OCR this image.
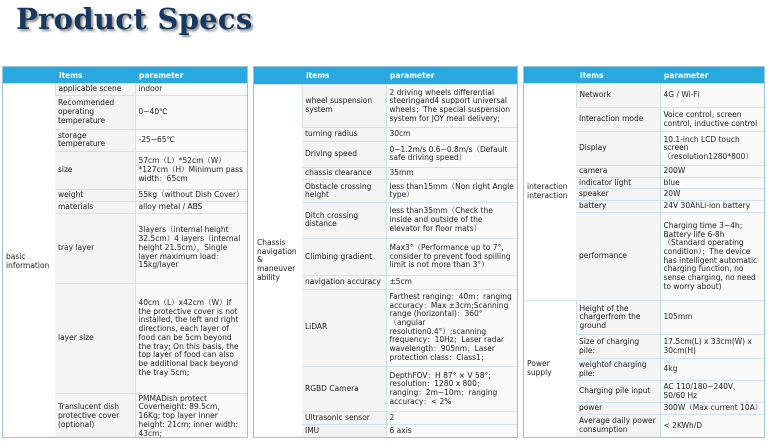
Product Specs
	items	parameter
basic information	applicable scene	indoor
	Recommended operating temperature	0~40℃
	storage temperature	-25~65℃
	size	57cm（L）*52cm（W）*127cm（H）Minimum pass width：65cm
	weight	55kg（without Dish Cover）
	materials	alloy metal / ABS
	tray layer	3layers（internal height 32.5cm）4 layers（internal height 21.5cm），Single layer maximum load：15kg/layer
	layer size	40cm（L）x42cm（W）If the protective cover is not installed, the left and right directions, each layer of food can be 5cm beyond the tray; On this basis, the top layer of food can also be additional back beyond the tray 5cm;
	Translucent dish protective cover (optional)	PMMADish protect Coverheight: 89.5cm，16Kg; top layer inner height: 21cm; inner width: 43cm;
	items	parameter
Chassis navigation & maneuverability	wheel suspension system	2 driving wheels differential steeringand4 support universal wheels；The special suspension system for JOY meal delivery;
	turning radius	30cm
	Driving speed	0~1.2m/s 0.6~0.8m/s（Default safe driving speed）
	chassis clearance	35mm
	Obstacle crossing height	less than15mm（Non right Angle type）
	Ditch crossing distance	less than35mm（Check the inside and outside of the elevator for floor mats）
	Climbing gradient	Max3°（Performance up to 7°, consider to prevent food spilling limit is not more than 3°）
	navigation accuracy	±5cm
	LiDAR	Farthest ranging：40m；ranging accuracy：Max ±3cm;Scanning range (horizontal)：360°（angular resolution0.4°）;scanning frequency：10Hz；Laser radar wavelength：905nm；Laser protection class：Class1；
	RGBD Camera	DepthFOV：H 87° × V 58°; resolution：1280 x 800；ranging：2m~10m；ranging accuracy：< 2%
	Ultrasonic sensor	2
	IMU	6 axis
	items	parameter
interaction interaction	Network	4G / Wi-Fi
	Interaction mode	Voice control, screen control, inductive control
	Display	10.1-inch LCD touch screen （resolution1280*800）
	camera	200W
	indicator light	blue
	speaker	20W
	battery	24V 30AhLi-ion battery
	performance	Charging time 3~4h; Battery life 6-8h （Standard operating condition）；The device has intelligent automatic charging function, no sense charging, no need to worry about)
Power supply	Height of the chargerfrom the ground	105mm
	Size of charging pile:	17.5cm(L) x 33cm(W) x 30cm(H)
	weightof charging pile:	4kg
	Charging pile input	AC 110/180~240V，50/60 Hz
	power	300W（Max current 10A）
	Average daily power consumption	< 2KWh/D
